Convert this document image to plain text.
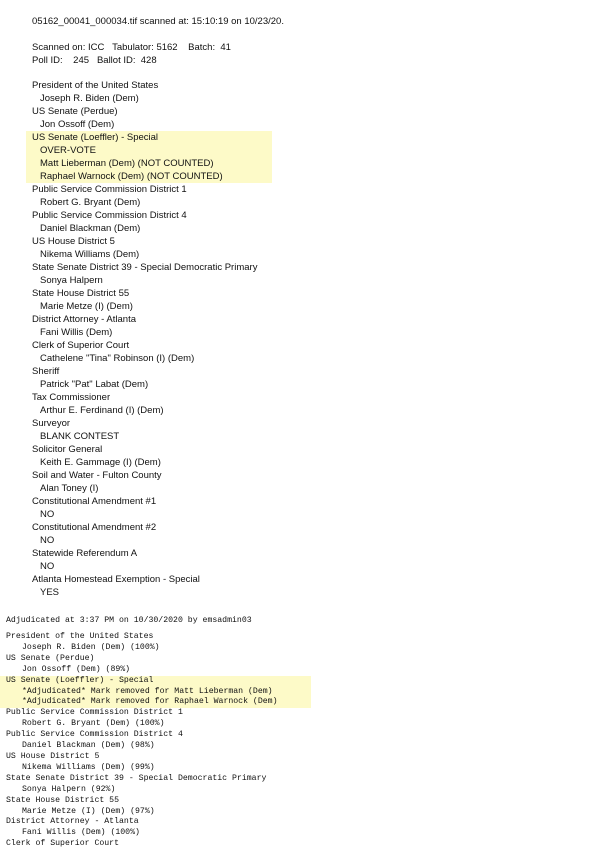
05162_00041_000034.tif scanned at: 15:10:19 on 10/23/20.
Scanned on: ICC   Tabulator: 5162    Batch:  41
Poll ID:    245   Ballot ID:  428
President of the United States
Joseph R. Biden (Dem)
US Senate (Perdue)
Jon Ossoff (Dem)
US Senate (Loeffler) - Special
OVER-VOTE
Matt Lieberman (Dem) (NOT COUNTED)
Raphael Warnock (Dem) (NOT COUNTED)
Public Service Commission District 1
Robert G. Bryant (Dem)
Public Service Commission District 4
Daniel Blackman (Dem)
US House District 5
Nikema Williams (Dem)
State Senate District 39 - Special Democratic Primary
Sonya Halpern
State House District 55
Marie Metze (I) (Dem)
District Attorney - Atlanta
Fani Willis (Dem)
Clerk of Superior Court
Cathelene "Tina" Robinson (I) (Dem)
Sheriff
Patrick "Pat" Labat (Dem)
Tax Commissioner
Arthur E. Ferdinand (I) (Dem)
Surveyor
BLANK CONTEST
Solicitor General
Keith E. Gammage (I) (Dem)
Soil and Water - Fulton County
Alan Toney (I)
Constitutional Amendment #1
NO
Constitutional Amendment #2
NO
Statewide Referendum A
NO
Atlanta Homestead Exemption - Special
YES
Adjudicated at 3:37 PM on 10/30/2020 by emsadmin03
President of the United States
Joseph R. Biden (Dem) (100%)
US Senate (Perdue)
Jon Ossoff (Dem) (89%)
US Senate (Loeffler) - Special
*Adjudicated* Mark removed for Matt Lieberman (Dem)
*Adjudicated* Mark removed for Raphael Warnock (Dem)
Public Service Commission District 1
Robert G. Bryant (Dem) (100%)
Public Service Commission District 4
Daniel Blackman (Dem) (98%)
US House District 5
Nikema Williams (Dem) (99%)
State Senate District 39 - Special Democratic Primary
Sonya Halpern (92%)
State House District 55
Marie Metze (I) (Dem) (97%)
District Attorney - Atlanta
Fani Willis (Dem) (100%)
Clerk of Superior Court
